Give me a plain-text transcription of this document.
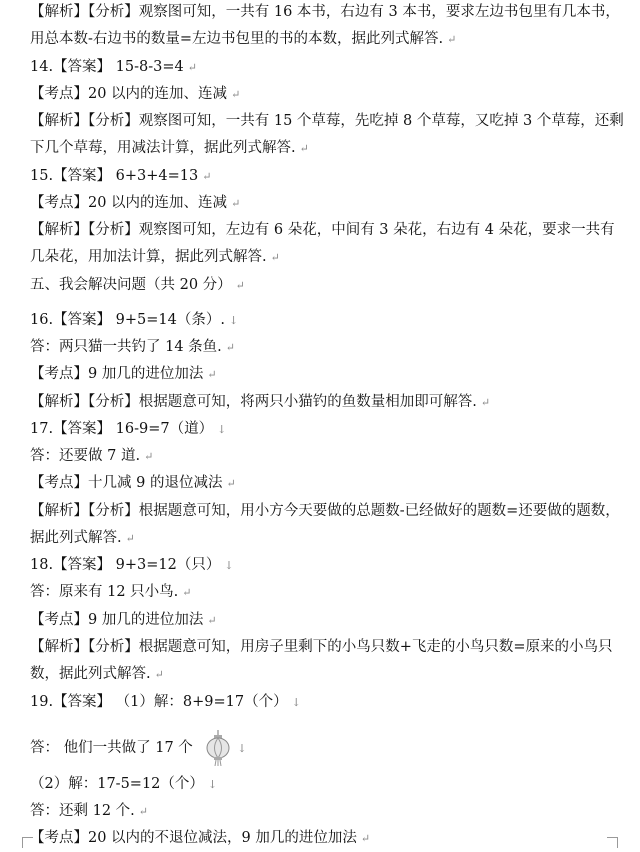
【解析】【分析】观察图可知，一共有 16 本书，右边有 3 本书，要求左边书包里有几本书，
用总本数-右边书的数量=左边书包里的书的本数，据此列式解答. ↵
14.【答案】 15-8-3=4 ↵
【考点】20 以内的连加、连减 ↵
【解析】【分析】观察图可知，一共有 15 个草莓，先吃掉 8 个草莓，又吃掉 3 个草莓，还剩
下几个草莓，用减法计算，据此列式解答. ↵
15.【答案】 6+3+4=13 ↵
【考点】20 以内的连加、连减 ↵
【解析】【分析】观察图可知，左边有 6 朵花，中间有 3 朵花，右边有 4 朵花，要求一共有
几朵花，用加法计算，据此列式解答. ↵
五、我会解决问题（共 20 分） ↵
16.【答案】 9+5=14（条）. ↓
答：两只猫一共钓了 14 条鱼. ↵
【考点】9 加几的进位加法 ↵
【解析】【分析】根据题意可知，将两只小猫钓的鱼数量相加即可解答. ↵
17.【答案】 16-9=7（道） ↓
答：还要做 7 道. ↵
【考点】十几减 9 的退位减法 ↵
【解析】【分析】根据题意可知，用小方今天要做的总题数-已经做好的题数=还要做的题数，
据此列式解答. ↵
18.【答案】 9+3=12（只） ↓
答：原来有 12 只小鸟. ↵
【考点】9 加几的进位加法 ↵
【解析】【分析】根据题意可知，用房子里剩下的小鸟只数+飞走的小鸟只数=原来的小鸟只
数，据此列式解答. ↵
19.【答案】 （1）解：8+9=17（个） ↓
答： 他们一共做了 17 个	↓
（2）解：17-5=12（个） ↓
答：还剩 12 个. ↵
【考点】20 以内的不退位减法，9 加几的进位加法 ↵
